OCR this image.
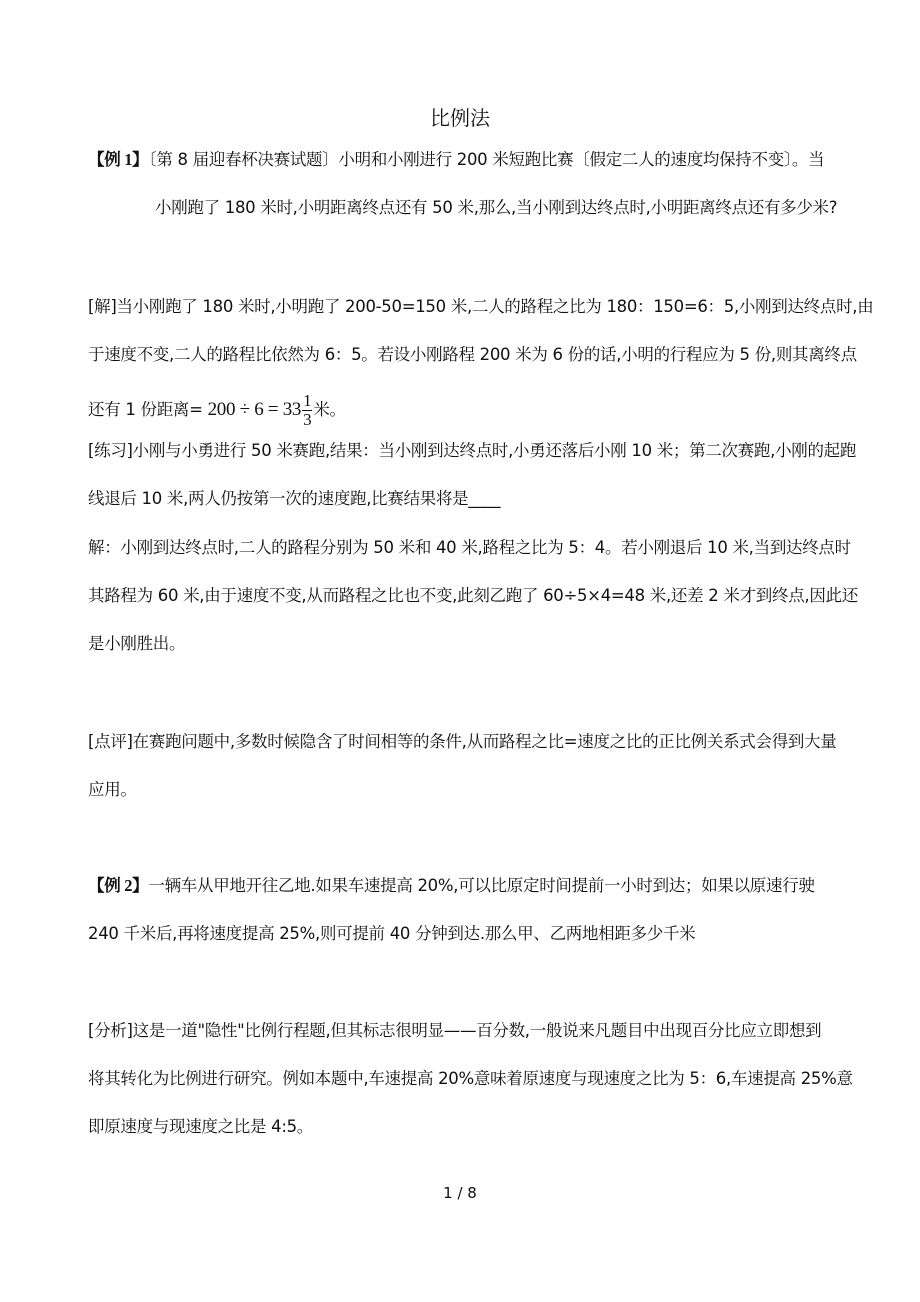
比例法
【例 1】〔第 8 届迎春杯决赛试题〕小明和小刚进行 200 米短跑比赛〔假定二人的速度均保持不变〕。当
小刚跑了 180 米时,小明距离终点还有 50 米,那么,当小刚到达终点时,小明距离终点还有多少米?
[解]当小刚跑了 180 米时,小明跑了 200-50=150 米,二人的路程之比为 180：150=6：5,小刚到达终点时,由
于速度不变,二人的路程比依然为 6：5。若设小刚路程 200 米为 6 份的话,小明的行程应为 5 份,则其离终点
还有 1 份距离= $200 \div 6 = 33 \frac{1}{3}$ 米。
[练习]小刚与小勇进行 50 米赛跑,结果：当小刚到达终点时,小勇还落后小刚 10 米；第二次赛跑,小刚的起跑
线退后 10 米,两人仍按第一次的速度跑,比赛结果将是____
解：小刚到达终点时,二人的路程分别为 50 米和 40 米,路程之比为 5：4。若小刚退后 10 米,当到达终点时
其路程为 60 米,由于速度不变,从而路程之比也不变,此刻乙跑了 60÷5×4=48 米,还差 2 米才到终点,因此还
是小刚胜出。
[点评]在赛跑问题中,多数时候隐含了时间相等的条件,从而路程之比=速度之比的正比例关系式会得到大量
应用。
【例 2】一辆车从甲地开往乙地.如果车速提高 20%,可以比原定时间提前一小时到达；如果以原速行驶
240 千米后,再将速度提高 25%,则可提前 40 分钟到达.那么甲、乙两地相距多少千米
[分析]这是一道"隐性"比例行程题,但其标志很明显——百分数,一般说来凡题目中出现百分比应立即想到
将其转化为比例进行研究。例如本题中,车速提高 20%意味着原速度与现速度之比为 5：6,车速提高 25%意
即原速度与现速度之比是 4:5。
1 / 8
